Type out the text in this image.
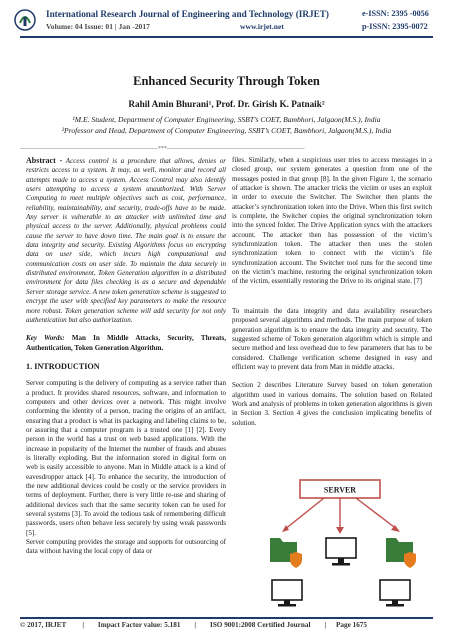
International Research Journal of Engineering and Technology (IRJET)	e-ISSN: 2395 -0056
Volume: 04 Issue: 01 | Jan -2017	www.irjet.net	p-ISSN: 2395-0072
Enhanced Security Through Token
Rahil Amin Bhurani¹, Prof. Dr. Girish K. Patnaik²
¹M.E. Student, Department of Computer Engineering, SSBT’s COET, Bambhori, Jalgaon(M.S.), India
²Professor and Head, Department of Computer Engineering, SSBT’s COET, Bambhori, Jalgaon(M.S.), India
---------------------------------------------------------------------***---------------------------------------------------------------------

Abstract - Access control is a procedure that allows, denies or restricts access to a system. It may, as well, monitor and record all attempts made to access a system. Access Control may also identify users attempting to access a system unauthorized. With Server Computing to meet multiple objectives such as cost, performance, reliability, maintainability, and security, trade-offs have to be made. Any server is vulnerable to an attacker with unlimited time and physical access to the server. Additionally, physical problems could cause the server to have down time. The main goal is to ensure the data integrity and security. Existing Algorithms focus on encrypting data on user side, which incurs high computational and communication costs on user side. To maintain the data securely in distributed environment, Token Generation algorithm in a distributed environment for data files checking is as a secure and dependable Server storage service. A new token generation scheme is suggested to encrypt the user with specified key parameters to make the resource more robust. Token generation scheme will add security for not only authentication but also authorization.

Key Words: Man In Middle Attacks, Security, Threats, Authentication, Token Generation Algorithm.

1. INTRODUCTION

Server computing is the delivery of computing as a service rather than a product. It provides shared resources, software, and information to computers and other devices over a network. This might involve conforming the identity of a person, tracing the origins of an artifact, ensuring that a product is what its packaging and labeling claims to be, or assuring that a computer program is a trusted one [1] [2]. Every person in the world has a trust on web based applications. With the increase in popularity of the Internet the number of frauds and abuses is literally exploding. But the information stored in digital form on web is easily accessible to anyone. Man in Middle attack is a kind of eavesdropper attack [4]. To enhance the security, the introduction of the new additional devices could be costly or the service providers in terms of deployment. Further, there is very little re-use and sharing of additional devices such that the same security token can be used for several systems [3]. To avoid the tedious task of remembering difficult passwords, users often behave less securely by using weak passwords [5].

Server computing provides the storage and supports for outsourcing of data without having the local copy of data or

files. Similarly, when a suspicious user tries to access messages in a closed group, our system generates a question from one of the messages posted in that group [8]. In the given Figure 1, the scenario of attacker is shown. The attacker tricks the victim or uses an exploit in order to execute the Switcher. The Switcher then plants the attacker’s synchronization token into the Drive. When this first switch is complete, the Switcher copies the original synchronization token into the synced folder. The Drive Application syncs with the attackers account. The attacker then has possession of the victim’s synchronization token. The attacker then uses the stolen synchronization token to connect with the victim’s file synchronization account. The Switcher tool runs for the second time on the victim’s machine, restoring the original synchronization token of the victim, essentially restoring the Drive to its original state. [7]

To maintain the data integrity and data availability researchers proposed several algorithms and methods. The main purpose of token generation algorithm is to ensure the data integrity and security. The suggested scheme of Token generation algorithm which is simple and secure method and less overhead due to few parameters that has to be considered. Challenge verification scheme designed in easy and efficient way to prevent data from Man in middle attacks.

Section 2 describes Literature Survey based on token generation algorithm used in various domains. The solution based on Related Work and analysis of problems in token generation algorithms is given in Section 3. Section 4 gives the conclusion implicating benefits of solution.

SERVER
© 2017, IRJET | Impact Factor value: 5.181 | ISO 9001:2008 Certified Journal | Page 1675
